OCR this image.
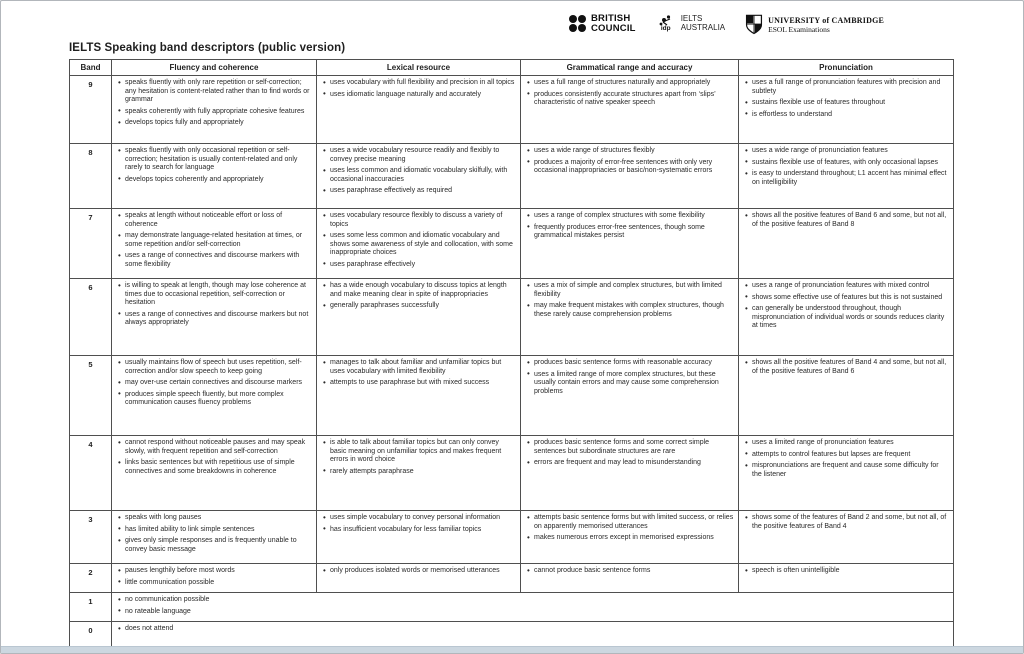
IELTS Speaking band descriptors (public version)
BRITISH
COUNCIL	idp
IELTS
AUSTRALIA
UNIVERSITY of CAMBRIDGE
ESOL Examinations
Band	Fluency and coherence	Lexical resource	Grammatical range and accuracy	Pronunciation
9	
•speaks fluently with only rare repetition or self-correction; any hesitation is content-related rather than to find words or grammar
• speaks coherently with fully appropriate cohesive features
• develops topics fully and appropriately

• uses vocabulary with full flexibility and precision in all topics
• uses idiomatic language naturally and accurately

• uses a full range of structures naturally and appropriately
• produces consistently accurate structures apart from ‘slips’ characteristic of native speaker speech

• uses a full range of pronunciation features with precision and subtlety
• sustains flexible use of features throughout
• is effortless to understand

8	
•speaks fluently with only occasional repetition or self-correction; hesitation is usually content-related and only rarely to search for language
• develops topics coherently and appropriately

• uses a wide vocabulary resource readily and flexibly to convey precise meaning
• uses less common and idiomatic vocabulary skilfully, with occasional inaccuracies
• uses paraphrase effectively as required

• uses a wide range of structures flexibly
• produces a majority of error-free sentences with only very occasional inappropriacies or basic/non-systematic errors

• uses a wide range of pronunciation features
• sustains flexible use of features, with only occasional lapses
• is easy to understand throughout; L1 accent has minimal effect on intelligibility

7	
•speaks at length without noticeable effort or loss of coherence
• may demonstrate language-related hesitation at times, or some repetition and/or self-correction
• uses a range of connectives and discourse markers with some flexibility

• uses vocabulary resource flexibly to discuss a variety of topics
• uses some less common and idiomatic vocabulary and shows some awareness of style and collocation, with some inappropriate choices
• uses paraphrase effectively

• uses a range of complex structures with some flexibility
• frequently produces error-free sentences, though some grammatical mistakes persist

• shows all the positive features of Band 6 and some, but not all, of the positive features of Band 8

6	
•is willing to speak at length, though may lose coherence at times due to occasional repetition, self-correction or hesitation
• uses a range of connectives and discourse markers but not always appropriately

• has a wide enough vocabulary to discuss topics at length and make meaning clear in spite of inappropriacies
• generally paraphrases successfully

• uses a mix of simple and complex structures, but with limited flexibility
• may make frequent mistakes with complex structures, though these rarely cause comprehension problems

• uses a range of pronunciation features with mixed control
• shows some effective use of features but this is not sustained
• can generally be understood throughout, though mispronunciation of individual words or sounds reduces clarity at times

5	
•usually maintains flow of speech but uses repetition, self-correction and/or slow speech to keep going
• may over-use certain connectives and discourse markers
• produces simple speech fluently, but more complex communication causes fluency problems

• manages to talk about familiar and unfamiliar topics but uses vocabulary with limited flexibility
• attempts to use paraphrase but with mixed success

• produces basic sentence forms with reasonable accuracy
• uses a limited range of more complex structures, but these usually contain errors and may cause some comprehension problems

• shows all the positive features of Band 4 and some, but not all, of the positive features of Band 6

4	
•cannot respond without noticeable pauses and may speak slowly, with frequent repetition and self-correction
• links basic sentences but with repetitious use of simple connectives and some breakdowns in coherence

• is able to talk about familiar topics but can only convey basic meaning on unfamiliar topics and makes frequent errors in word choice
• rarely attempts paraphrase

• produces basic sentence forms and some correct simple sentences but subordinate structures are rare
• errors are frequent and may lead to misunderstanding

• uses a limited range of pronunciation features
• attempts to control features but lapses are frequent
• mispronunciations are frequent and cause some difficulty for the listener

3	
•speaks with long pauses
• has limited ability to link simple sentences
• gives only simple responses and is frequently unable to convey basic message

• uses simple vocabulary to convey personal information
• has insufficient vocabulary for less familiar topics

• attempts basic sentence forms but with limited success, or relies on apparently memorised utterances
• makes numerous errors except in memorised expressions

• shows some of the features of Band 2 and some, but not all, of the positive features of Band 4

2	
•pauses lengthily before most words
• little communication possible

• only produces isolated words or memorised utterances

•cannot produce basic sentence forms

•speech is often unintelligible

1	
•no communication possible
• no rateable language

0	
•does not attend
